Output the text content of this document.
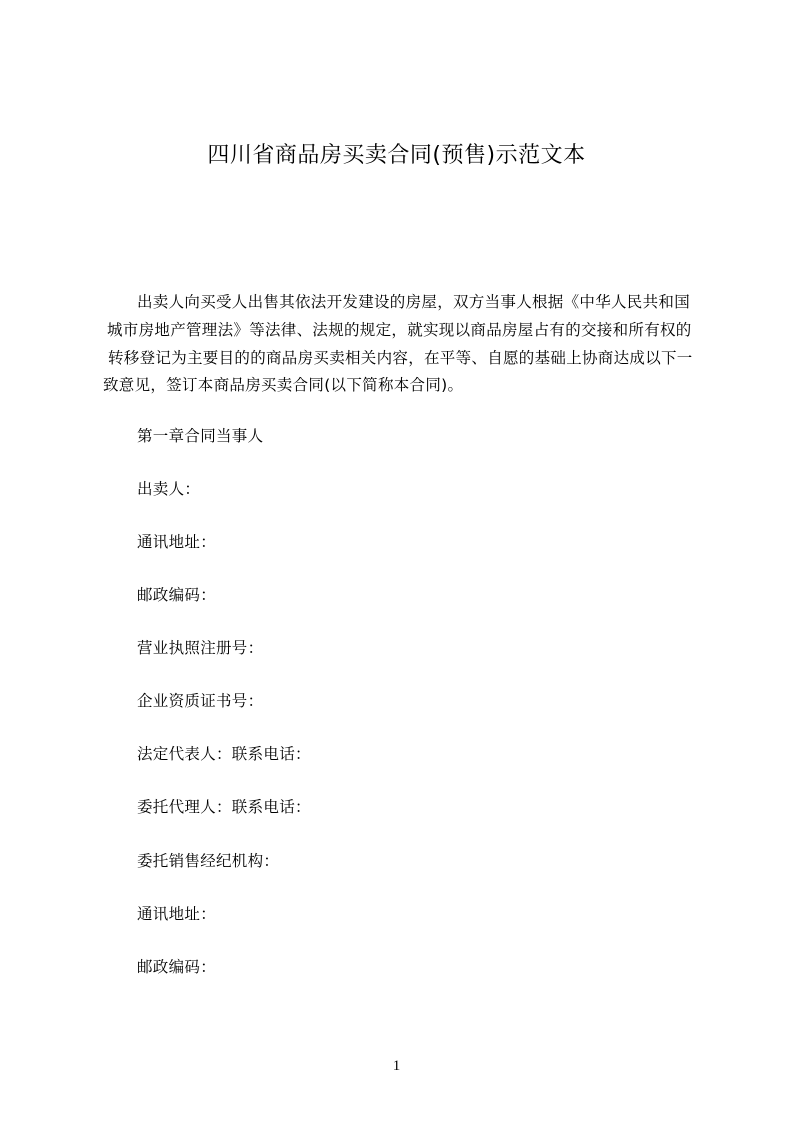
四川省商品房买卖合同(预售)示范文本
出卖人向买受人出售其依法开发建设的房屋，双方当事人根据《中华人民共和国
城市房地产管理法》等法律、法规的规定，就实现以商品房屋占有的交接和所有权的
转移登记为主要目的的商品房买卖相关内容，在平等、自愿的基础上协商达成以下一
致意见，签订本商品房买卖合同(以下简称本合同)。
第一章合同当事人
出卖人：
通讯地址：
邮政编码：
营业执照注册号：
企业资质证书号：
法定代表人：联系电话：
委托代理人：联系电话：
委托销售经纪机构：
通讯地址：
邮政编码：
1
